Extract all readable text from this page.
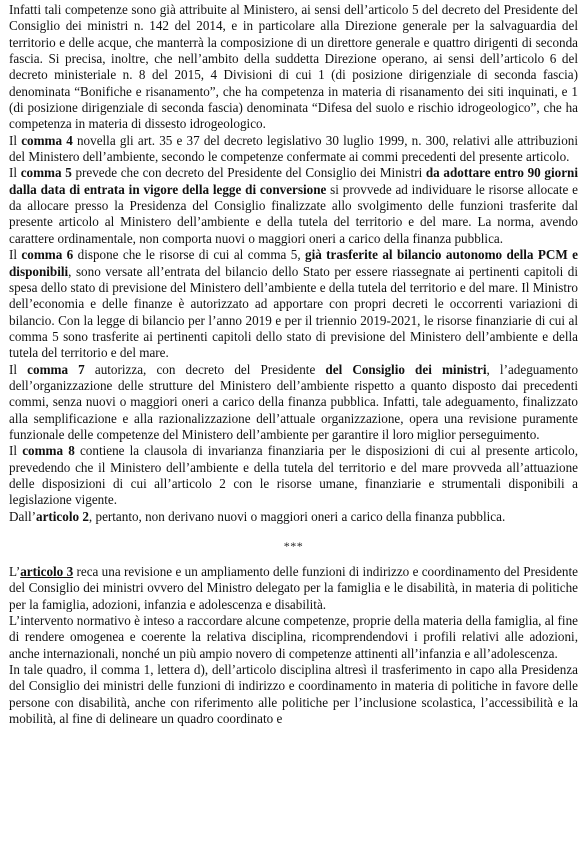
Infatti tali competenze sono già attribuite al Ministero, ai sensi dell’articolo 5 del decreto del Presidente del Consiglio dei ministri n. 142 del 2014, e in particolare alla Direzione generale per la salvaguardia del territorio e delle acque, che manterrà la composizione di un direttore generale e quattro dirigenti di seconda fascia. Si precisa, inoltre, che nell’ambito della suddetta Direzione operano, ai sensi dell’articolo 6 del decreto ministeriale n. 8 del 2015, 4 Divisioni di cui 1 (di posizione dirigenziale di seconda fascia) denominata “Bonifiche e risanamento”, che ha competenza in materia di risanamento dei siti inquinati, e 1 (di posizione dirigenziale di seconda fascia) denominata “Difesa del suolo e rischio idrogeologico”, che ha competenza in materia di dissesto idrogeologico.

Il comma 4 novella gli art. 35 e 37 del decreto legislativo 30 luglio 1999, n. 300, relativi alle attribuzioni del Ministero dell’ambiente, secondo le competenze confermate ai commi precedenti del presente articolo.

Il comma 5 prevede che con decreto del Presidente del Consiglio dei Ministri da adottare entro 90 giorni dalla data di entrata in vigore della legge di conversione si provvede ad individuare le risorse allocate e da allocare presso la Presidenza del Consiglio finalizzate allo svolgimento delle funzioni trasferite dal presente articolo al Ministero dell’ambiente e della tutela del territorio e del mare. La norma, avendo carattere ordinamentale, non comporta nuovi o maggiori oneri a carico della finanza pubblica.

Il comma 6 dispone che le risorse di cui al comma 5, già trasferite al bilancio autonomo della PCM e disponibili, sono versate all’entrata del bilancio dello Stato per essere riassegnate ai pertinenti capitoli di spesa dello stato di previsione del Ministero dell’ambiente e della tutela del territorio e del mare. Il Ministro dell’economia e delle finanze è autorizzato ad apportare con propri decreti le occorrenti variazioni di bilancio. Con la legge di bilancio per l’anno 2019 e per il triennio 2019-2021, le risorse finanziarie di cui al comma 5 sono trasferite ai pertinenti capitoli dello stato di previsione del Ministero dell’ambiente e della tutela del territorio e del mare.

Il comma 7 autorizza, con decreto del Presidente del Consiglio dei ministri, l’adeguamento dell’organizzazione delle strutture del Ministero dell’ambiente rispetto a quanto disposto dai precedenti commi, senza nuovi o maggiori oneri a carico della finanza pubblica. Infatti, tale adeguamento, finalizzato alla semplificazione e alla razionalizzazione dell’attuale organizzazione, opera una revisione puramente funzionale delle competenze del Ministero dell’ambiente per garantire il loro miglior perseguimento.

Il comma 8 contiene la clausola di invarianza finanziaria per le disposizioni di cui al presente articolo, prevedendo che il Ministero dell’ambiente e della tutela del territorio e del mare provveda all’attuazione delle disposizioni di cui all’articolo 2 con le risorse umane, finanziarie e strumentali disponibili a legislazione vigente.

Dall’articolo 2, pertanto, non derivano nuovi o maggiori oneri a carico della finanza pubblica.

***

L’articolo 3 reca una revisione e un ampliamento delle funzioni di indirizzo e coordinamento del Presidente del Consiglio dei ministri ovvero del Ministro delegato per la famiglia e le disabilità, in materia di politiche per la famiglia, adozioni, infanzia e adolescenza e disabilità.

L’intervento normativo è inteso a raccordare alcune competenze, proprie della materia della famiglia, al fine di rendere omogenea e coerente la relativa disciplina, ricomprendendovi i profili relativi alle adozioni, anche internazionali, nonché un più ampio novero di competenze attinenti all’infanzia e all’adolescenza.

In tale quadro, il comma 1, lettera d), dell’articolo disciplina altresì il trasferimento in capo alla Presidenza del Consiglio dei ministri delle funzioni di indirizzo e coordinamento in materia di politiche in favore delle persone con disabilità, anche con riferimento alle politiche per l’inclusione scolastica, l’accessibilità e la mobilità, al fine di delineare un quadro coordinato e
